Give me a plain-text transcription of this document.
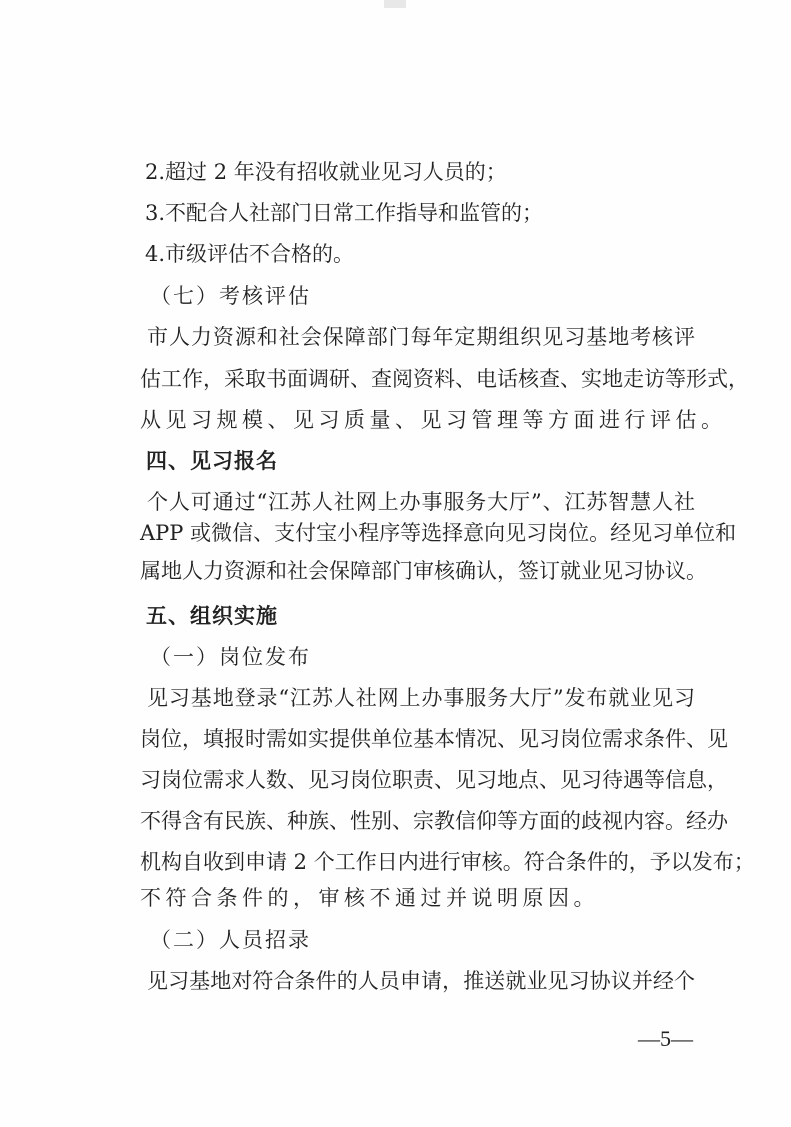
2.超过 2 年没有招收就业见习人员的；
3.不配合人社部门日常工作指导和监管的；
4.市级评估不合格的。
（七）考核评估
市人力资源和社会保障部门每年定期组织见习基地考核评
估工作，采取书面调研、查阅资料、电话核查、实地走访等形式，
从见习规模、见习质量、见习管理等方面进行评估。
四、见习报名
个人可通过“江苏人社网上办事服务大厅”、江苏智慧人社
APP 或微信、支付宝小程序等选择意向见习岗位。经见习单位和
属地人力资源和社会保障部门审核确认，签订就业见习协议。
五、组织实施
（一）岗位发布
见习基地登录“江苏人社网上办事服务大厅”发布就业见习
岗位，填报时需如实提供单位基本情况、见习岗位需求条件、见
习岗位需求人数、见习岗位职责、见习地点、见习待遇等信息，
不得含有民族、种族、性别、宗教信仰等方面的歧视内容。经办
机构自收到申请 2 个工作日内进行审核。符合条件的，予以发布；
不符合条件的，审核不通过并说明原因。
（二）人员招录
见习基地对符合条件的人员申请，推送就业见习协议并经个
—5—
